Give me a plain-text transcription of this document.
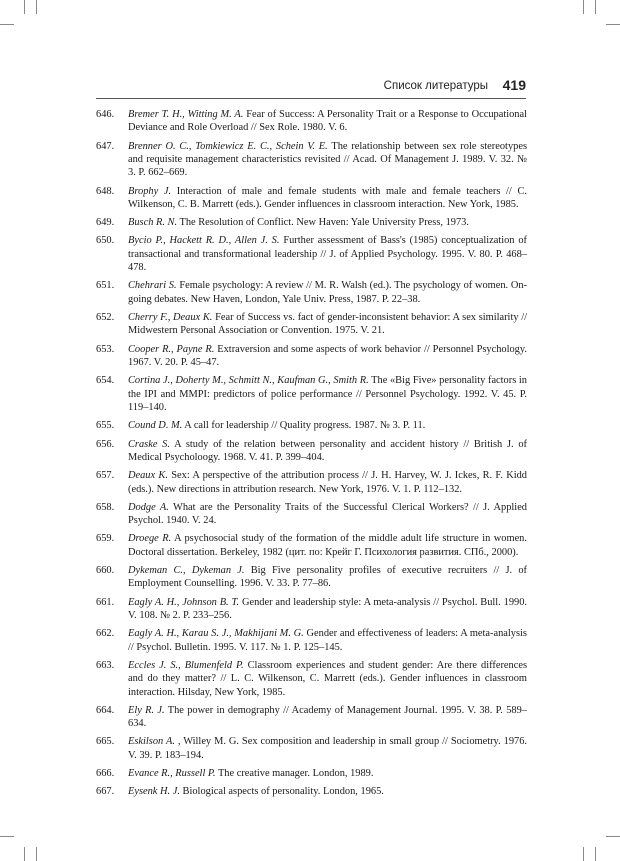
Список литературы 419
646. Bremer T. H., Witting M. A. Fear of Success: A Personality Trait or a Response to Occupational Deviance and Role Overload // Sex Role. 1980. V. 6.
647. Brenner O. C., Tomkiewicz E. C., Schein V. E. The relationship between sex role stereotypes and requisite management characteristics revisited // Acad. Of Management J. 1989. V. 32. № 3. P. 662–669.
648. Brophy J. Interaction of male and female students with male and female teachers // C. Wilkenson, C. B. Marrett (eds.). Gender influences in classroom interaction. New York, 1985.
649. Busch R. N. The Resolution of Conflict. New Haven: Yale University Press, 1973.
650. Bycio P., Hackett R. D., Allen J. S. Further assessment of Bass's (1985) conceptualization of transactional and transformational leadership // J. of Applied Psychology. 1995. V. 80. P. 468–478.
651. Chehrari S. Female psychology: A review // M. R. Walsh (ed.). The psychology of women. On-going debates. New Haven, London, Yale Univ. Press, 1987. P. 22–38.
652. Cherry F., Deaux K. Fear of Success vs. fact of gender-inconsistent behavior: A sex similarity // Midwestern Personal Association or Convention. 1975. V. 21.
653. Cooper R., Payne R. Extraversion and some aspects of work behavior // Personnel Psychology. 1967. V. 20. P. 45–47.
654. Cortina J., Doherty M., Schmitt N., Kaufman G., Smith R. The «Big Five» personality factors in the IPI and MMPI: predictors of police performance // Personnel Psychology. 1992. V. 45. P. 119–140.
655. Cound D. M. A call for leadership // Quality progress. 1987. № 3. P. 11.
656. Craske S. A study of the relation between personality and accident history // British J. of Medical Psycholoogy. 1968. V. 41. P. 399–404.
657. Deaux K. Sex: A perspective of the attribution process // J. H. Harvey, W. J. Ickes, R. F. Kidd (eds.). New directions in attribution research. New York, 1976. V. 1. P. 112–132.
658. Dodge A. What are the Personality Traits of the Successful Clerical Workers? // J. Applied Psychol. 1940. V. 24.
659. Droege R. A psychosocial study of the formation of the middle adult life structure in women. Doctoral dissertation. Berkeley, 1982 (цит. по: Крейг Г. Психология развития. СПб., 2000).
660. Dykeman C., Dykeman J. Big Five personality profiles of executive recruiters // J. of Employment Counselling. 1996. V. 33. P. 77–86.
661. Eagly A. H., Johnson B. T. Gender and leadership style: A meta-analysis // Psychol. Bull. 1990. V. 108. № 2. P. 233–256.
662. Eagly A. H., Karau S. J., Makhijani M. G. Gender and effectiveness of leaders: A meta-analysis // Psychol. Bulletin. 1995. V. 117. № 1. P. 125–145.
663. Eccles J. S., Blumenfeld P. Classroom experiences and student gender: Are there differences and do they matter? // L. C. Wilkenson, C. Marrett (eds.). Gender influences in classroom interaction. Hilsday, New York, 1985.
664. Ely R. J. The power in demography // Academy of Management Journal. 1995. V. 38. P. 589–634.
665. Eskilson A. , Willey M. G. Sex composition and leadership in small group // Sociometry. 1976. V. 39. P. 183–194.
666. Evance R., Russell P. The creative manager. London, 1989.
667. Eysenk H. J. Biological aspects of personality. London, 1965.
